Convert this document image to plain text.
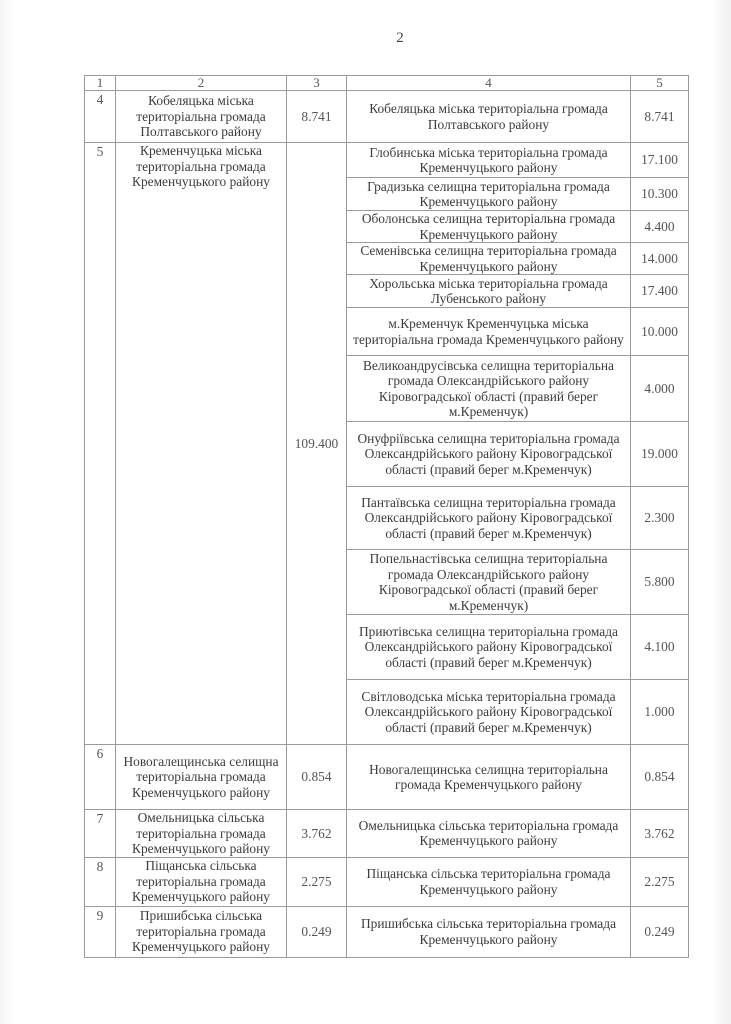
2
1	2	3	4	5
4	Кобеляцька міська територіальна громада Полтавського району	8.741	Кобеляцька міська територіальна громада Полтавського району	8.741
5	Кременчуцька міська територіальна громада Кременчуцького району	109.400	Глобинська міська територіальна громада Кременчуцького району	17.100
			Градизька селищна територіальна громада Кременчуцького району	10.300
			Оболонська селищна територіальна громада Кременчуцького району	4.400
			Семенівська селищна територіальна громада Кременчуцького району	14.000
			Хорольська міська територіальна громада Лубенського району	17.400
			м.Кременчук Кременчуцька міська територіальна громада Кременчуцького району	10.000
			Великоандрусівська селищна територіальна громада Олександрійського району Кіровоградської області (правий берег м.Кременчук)	4.000
			Онуфріївська селищна територіальна громада Олександрійського району Кіровоградської області (правий берег м.Кременчук)	19.000
			Пантаївська селищна територіальна громада Олександрійського району Кіровоградської області (правий берег м.Кременчук)	2.300
			Попельнастівська селищна територіальна громада Олександрійського району Кіровоградської області (правий берег м.Кременчук)	5.800
			Приютівська селищна територіальна громада Олександрійського району Кіровоградської області (правий берег м.Кременчук)	4.100
			Світловодська міська територіальна громада Олександрійського району Кіровоградської області (правий берег м.Кременчук)	1.000
6	Новогалещинська селищна територіальна громада Кременчуцького району	0.854	Новогалещинська селищна територіальна громада Кременчуцького району	0.854
7	Омельницька сільська територіальна громада Кременчуцького району	3.762	Омельницька сільська територіальна громада Кременчуцького району	3.762
8	Піщанська сільська територіальна громада Кременчуцького району	2.275	Піщанська сільська територіальна громада Кременчуцького району	2.275
9	Пришибська сільська територіальна громада Кременчуцького району	0.249	Пришибська сільська територіальна громада Кременчуцького району	0.249
